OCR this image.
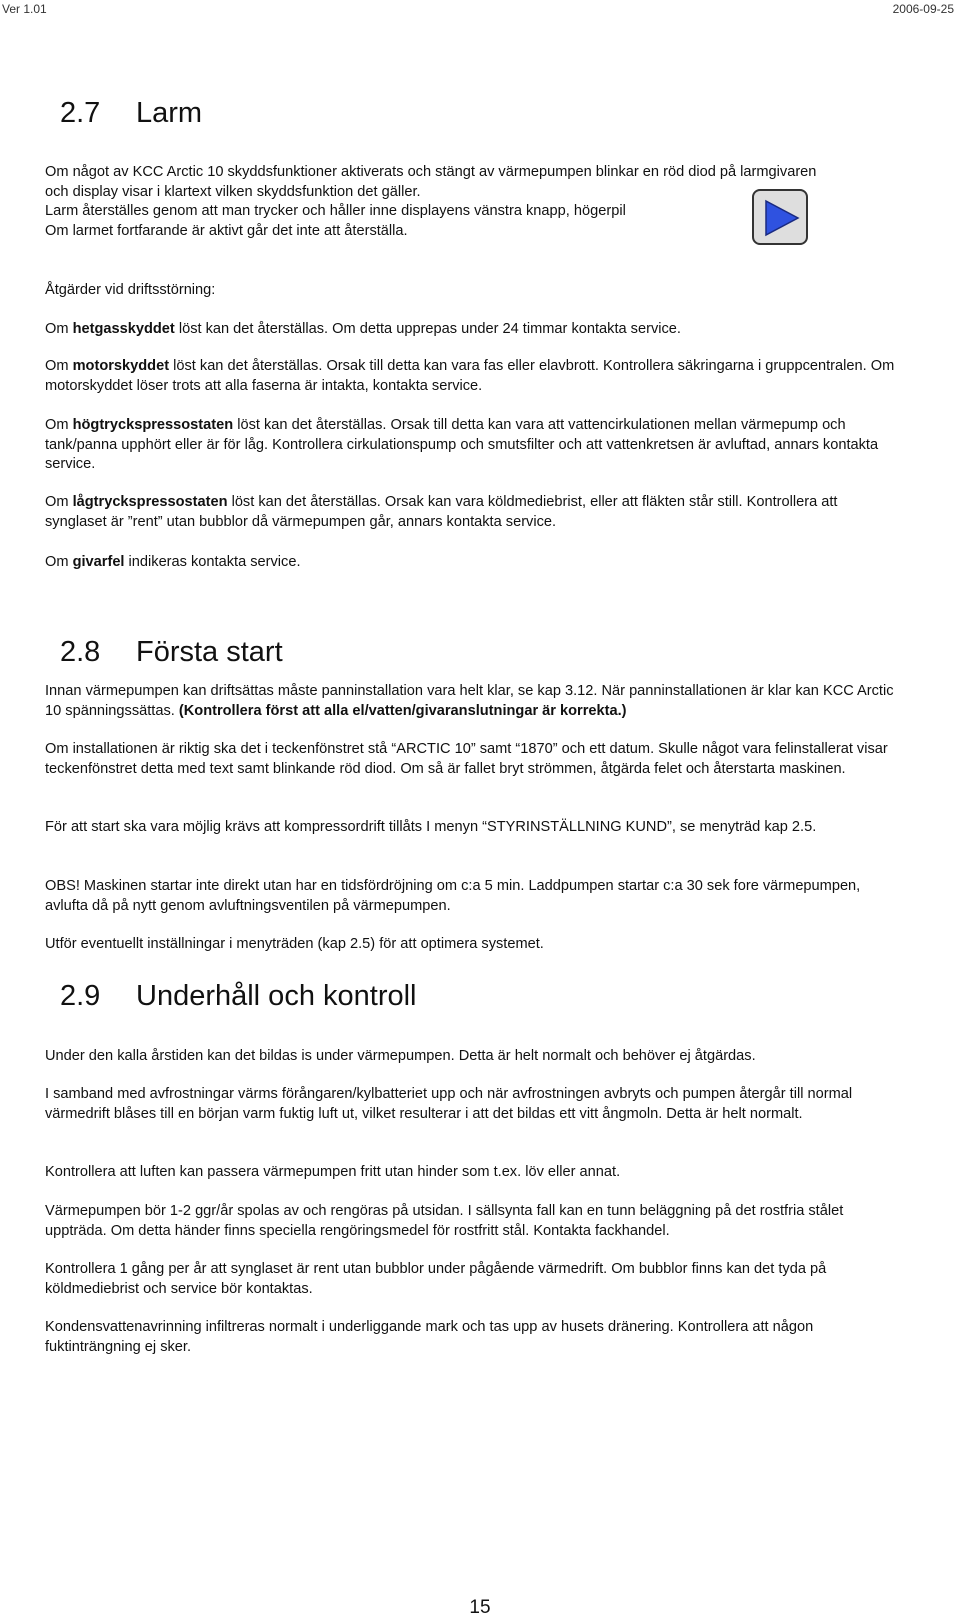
Ver 1.01	2006-09-25
2.7 Larm

Om något av KCC Arctic 10 skyddsfunktioner aktiverats och stängt av värmepumpen blinkar en röd diod på larmgivaren och display visar i klartext vilken skyddsfunktion det gäller.

Larm återställes genom att man trycker och håller inne displayens vänstra knapp, högerpil

Om larmet fortfarande är aktivt går det inte att återställa.

Åtgärder vid driftsstörning:

Om hetgasskyddet löst kan det återställas. Om detta upprepas under 24 timmar kontakta service.

Om motorskyddet löst kan det återställas. Orsak till detta kan vara fas eller elavbrott. Kontrollera säkringarna i gruppcentralen. Om motorskyddet löser trots att alla faserna är intakta, kontakta service.

Om högtryckspressostaten löst kan det återställas. Orsak till detta kan vara att vattencirkulationen mellan värmepump och tank/panna upphört eller är för låg. Kontrollera cirkulationspump och smutsfilter och att vattenkretsen är avluftad, annars kontakta service.

Om lågtryckspressostaten löst kan det återställas. Orsak kan vara köldmediebrist, eller att fläkten står still. Kontrollera att synglaset är ”rent” utan bubblor då värmepumpen går, annars kontakta service.

Om givarfel indikeras kontakta service.

2.8 Första start

Innan värmepumpen kan driftsättas måste panninstallation vara helt klar, se kap 3.12. När panninstallationen är klar kan KCC Arctic 10 spänningssättas. (Kontrollera först att alla el/vatten/givaranslutningar är korrekta.)

Om installationen är riktig ska det i teckenfönstret stå “ARCTIC 10” samt “1870” och ett datum. Skulle något vara felinstallerat visar teckenfönstret detta med text samt blinkande röd diod. Om så är fallet bryt strömmen, åtgärda felet och återstarta maskinen.

För att start ska vara möjlig krävs att kompressordrift tillåts I menyn “STYRINSTÄLLNING KUND”, se menyträd kap 2.5.

OBS! Maskinen startar inte direkt utan har en tidsfördröjning om c:a 5 min. Laddpumpen startar c:a 30 sek fore värmepumpen, avlufta då på nytt genom avluftningsventilen på värmepumpen.

Utför eventuellt inställningar i menyträden (kap 2.5) för att optimera systemet.

2.9 Underhåll och kontroll

Under den kalla årstiden kan det bildas is under värmepumpen. Detta är helt normalt och behöver ej åtgärdas.

I samband med avfrostningar värms förångaren/kylbatteriet upp och när avfrostningen avbryts och pumpen återgår till normal värmedrift blåses till en början varm fuktig luft ut, vilket resulterar i att det bildas ett vitt ångmoln. Detta är helt normalt.

Kontrollera att luften kan passera värmepumpen fritt utan hinder som t.ex. löv eller annat.

Värmepumpen bör 1-2 ggr/år spolas av och rengöras på utsidan. I sällsynta fall kan en tunn beläggning på det rostfria stålet uppträda. Om detta händer finns speciella rengöringsmedel för rostfritt stål. Kontakta fackhandel.

Kontrollera 1 gång per år att synglaset är rent utan bubblor under pågående värmedrift. Om bubblor finns kan det tyda på köldmediebrist och service bör kontaktas.

Kondensvattenavrinning infiltreras normalt i underliggande mark och tas upp av husets dränering. Kontrollera att någon fuktinträngning ej sker.

15
